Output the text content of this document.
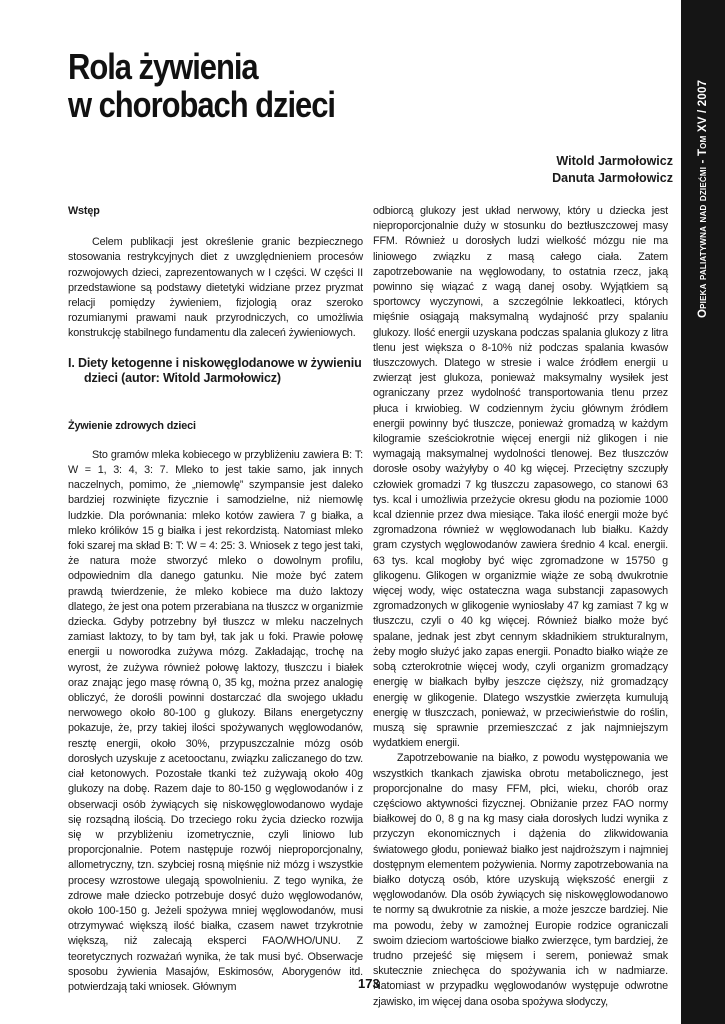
Rola żywienia
w chorobach dzieci
Witold Jarmołowicz
Danuta Jarmołowicz

Wstęp

Celem publikacji jest określenie granic bezpiecznego stosowania restrykcyjnych diet z uwzględnieniem procesów rozwojowych dzieci, zaprezentowanych w I części. W części II przedstawione są podstawy dietetyki widziane przez pryzmat relacji pomiędzy żywieniem, fizjologią oraz szeroko rozumianymi prawami nauk przyrodniczych, co umożliwia konstrukcję stabilnego fundamentu dla zaleceń żywieniowych.

I. Diety ketogenne i niskowęglodanowe w żywieniu dzieci (autor: Witold Jarmołowicz)

Żywienie zdrowych dzieci

Sto gramów mleka kobiecego w przybliżeniu zawiera B: T: W = 1, 3: 4, 3: 7. Mleko to jest takie samo, jak innych naczelnych, pomimo, że „niemowlę” szympansie jest daleko bardziej rozwinięte fizycznie i samodzielne, niż niemowlę ludzkie. Dla porównania: mleko kotów zawiera 7 g białka, a mleko królików 15 g białka i jest rekordzistą. Natomiast mleko foki szarej ma skład B: T: W = 4: 25: 3. Wniosek z tego jest taki, że natura może stworzyć mleko o dowolnym profilu, odpowiednim dla danego gatunku. Nie może być zatem prawdą twierdzenie, że mleko kobiece ma dużo laktozy dlatego, że jest ona potem przerabiana na tłuszcz w organizmie dziecka. Gdyby potrzebny był tłuszcz w mleku naczelnych zamiast laktozy, to by tam był, tak jak u foki. Prawie połowę energii u noworodka zużywa mózg. Zakładając, trochę na wyrost, że zużywa również połowę laktozy, tłuszczu i białek oraz znając jego masę równą 0, 35 kg, można przez analogię obliczyć, że dorośli powinni dostarczać dla swojego układu nerwowego około 80-100 g glukozy. Bilans energetyczny pokazuje, że, przy takiej ilości spożywanych węglowodanów, resztę energii, około 30%, przypuszczalnie mózg osób dorosłych uzyskuje z acetooctanu, związku zaliczanego do tzw. ciał ketonowych. Pozostałe tkanki też zużywają około 40g glukozy na dobę. Razem daje to 80-150 g węglowodanów i z obserwacji osób żywiących się niskowęglowodanowo wydaje się rozsądną ilością. Do trzeciego roku życia dziecko rozwija się w przybliżeniu izometrycznie, czyli liniowo lub proporcjonalnie. Potem następuje rozwój nieproporcjonalny, allometryczny, tzn. szybciej rosną mięśnie niż mózg i wszystkie procesy wzrostowe ulegają spowolnieniu. Z tego wynika, że zdrowe małe dziecko potrzebuje dosyć dużo węglowodanów, około 100-150 g. Jeżeli spożywa mniej węglowodanów, musi otrzymywać większą ilość białka, czasem nawet trzykrotnie większą, niż zalecają eksperci FAO/WHO/UNU. Z teoretycznych rozważań wynika, że tak musi być. Obserwacje sposobu żywienia Masajów, Eskimosów, Aborygenów itd. potwierdzają taki wniosek. Głównym

odbiorcą glukozy jest układ nerwowy, który u dziecka jest nieproporcjonalnie duży w stosunku do beztłuszczowej masy FFM. Również u dorosłych ludzi wielkość mózgu nie ma liniowego związku z masą całego ciała. Zatem zapotrzebowanie na węglowodany, to ostatnia rzecz, jaką powinno się wiązać z wagą danej osoby. Wyjątkiem są sportowcy wyczynowi, a szczególnie lekkoatleci, których mięśnie osiągają maksymalną wydajność przy spalaniu glukozy. Ilość energii uzyskana podczas spalania glukozy z litra tlenu jest większa o 8-10% niż podczas spalania kwasów tłuszczowych. Dlatego w stresie i walce źródłem energii u zwierząt jest glukoza, ponieważ maksymalny wysiłek jest ograniczany przez wydolność transportowania tlenu przez płuca i krwiobieg. W codziennym życiu głównym źródłem energii powinny być tłuszcze, ponieważ gromadzą w każdym kilogramie sześciokrotnie więcej energii niż glikogen i nie wymagają maksymalnej wydolności tlenowej. Bez tłuszczów dorosłe osoby ważyłyby o 40 kg więcej. Przeciętny szczupły człowiek gromadzi 7 kg tłuszczu zapasowego, co stanowi 63 tys. kcal i umożliwia przeżycie okresu głodu na poziomie 1000 kcal dziennie przez dwa miesiące. Taka ilość energii może być zgromadzona również w węglowodanach lub białku. Każdy gram czystych węglowodanów zawiera średnio 4 kcal. energii. 63 tys. kcal mogłoby być więc zgromadzone w 15750 g glikogenu. Glikogen w organizmie wiąże ze sobą dwukrotnie więcej wody, więc ostateczna waga substancji zapasowych zgromadzonych w glikogenie wyniosłaby 47 kg zamiast 7 kg w tłuszczu, czyli o 40 kg więcej. Również białko może być spalane, jednak jest zbyt cennym składnikiem strukturalnym, żeby mogło służyć jako zapas energii. Ponadto białko wiąże ze sobą czterokrotnie więcej wody, czyli organizm gromadzący energię w białkach byłby jeszcze cięższy, niż gromadzący energię w glikogenie. Dlatego wszystkie zwierzęta kumulują energię w tłuszczach, ponieważ, w przeciwieństwie do roślin, muszą się sprawnie przemieszczać z jak najmniejszym wydatkiem energii.

Zapotrzebowanie na białko, z powodu występowania we wszystkich tkankach zjawiska obrotu metabolicznego, jest proporcjonalne do masy FFM, płci, wieku, chorób oraz częściowo aktywności fizycznej. Obniżanie przez FAO normy białkowej do 0, 8 g na kg masy ciała dorosłych ludzi wynika z przyczyn ekonomicznych i dążenia do zlikwidowania światowego głodu, ponieważ białko jest najdroższym i najmniej dostępnym elementem pożywienia. Normy zapotrzebowania na białko dotyczą osób, które uzyskują większość energii z węglowodanów. Dla osób żywiących się niskowęglowodanowo te normy są dwukrotnie za niskie, a może jeszcze bardziej. Nie ma powodu, żeby w zamożnej Europie rodzice ograniczali swoim dzieciom wartościowe białko zwierzęce, tym bardziej, że trudno przejeść się mięsem i serem, ponieważ smak skutecznie zniechęca do spożywania ich w nadmiarze. Natomiast w przypadku węglowodanów występuje odwrotne zjawisko, im więcej dana osoba spożywa słodyczy,

Opieka paliatywna nad dziećmi - Tom XV / 2007
173
